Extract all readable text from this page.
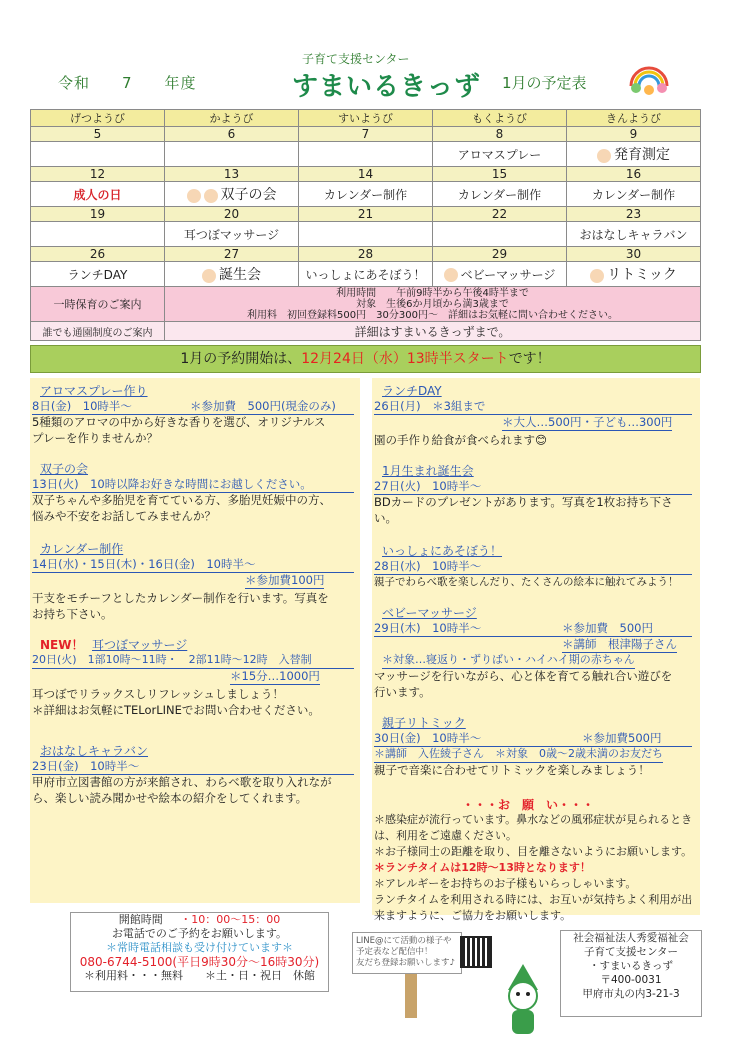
令和　　7　　年度
子育て支援センター
すまいるきっず 1月の予定表
げつようび	かようび	すいようび	もくようび	きんようび
5	6	7	8	9
			アロマスプレー	発育測定
12	13	14	15	16
成人の日	双子の会	カレンダー制作	カレンダー制作	カレンダー制作
19	20	21	22	23
	耳つぼマッサージ			おはなしキャラバン
26	27	28	29	30
ランチDAY	誕生会	いっしょにあそぼう！	ベビーマッサージ	リトミック
一時保育のご案内	利用時間　　午前9時半から午後4時半まで
対象　生後6か月頃から満3歳まで
利用料　初回登録料500円　30分300円～　詳細はお気軽に問い合わせください。			

誰でも通園制度のご案内	詳細はすまいるきっずまで。			
1月の予約開始は、12月24日（水）13時半スタートです！
アロマスプレー作り
8日(金)　10時半～	＊参加費　500円(現金のみ)
5種類のアロマの中から好きな香りを選び、オリジナルス
プレーを作りませんか？
双子の会
13日(火)　10時以降お好きな時間にお越しください。
双子ちゃんや多胎児を育てている方、多胎児妊娠中の方、
悩みや不安をお話してみませんか？
カレンダー制作
14日(水)・15日(木)・16日(金)　10時半～
＊参加費100円
干支をモチーフとしたカレンダー制作を行います。写真を
お持ち下さい。
NEW！ 耳つぼマッサージ
20日(火)　1部10時～11時・　2部11時～12時　入替制
＊15分…1000円
耳つぼでリラックスしリフレッシュしましょう！
＊詳細はお気軽にTELorLINEでお問い合わせください。
おはなしキャラバン
23日(金)　10時半～
甲府市立図書館の方が来館され、わらべ歌を取り入れなが
ら、楽しい読み聞かせや絵本の紹介をしてくれます。
ランチDAY
26日(月)　＊3組まで
＊大人…500円・子ども…300円
園の手作り給食が食べられます😊
1月生まれ誕生会
27日(火)　10時半～
BDカードのプレゼントがあります。写真を1枚お持ち下さ
い。
いっしょにあそぼう！
28日(水)　10時半～
親子でわらべ歌を楽しんだり、たくさんの絵本に触れてみよう！
ベビーマッサージ
29日(木)　10時半～	＊参加費　500円
＊講師　根津陽子さん
＊対象…寝返り・ずりばい・ハイハイ期の赤ちゃん
マッサージを行いながら、心と体を育てる触れ合い遊びを
行います。
親子リトミック
30日(金)　10時半～	＊参加費500円
＊講師　入佐綾子さん　＊対象　0歳～2歳未満のお友だち
親子で音楽に合わせてリトミックを楽しみましょう！
・・・お　願　い・・・
＊感染症が流行っています。鼻水などの風邪症状が見られるとき
は、利用をご遠慮ください。
＊お子様同士の距離を取り、目を離さないようにお願いします。
＊ランチタイムは12時～13時となります！
＊アレルギーをお持ちのお子様もいらっしゃいます。
ランチタイムを利用される時には、お互いが気持ちよく利用が出
来ますように、ご協力をお願いします。
開館時間 ・10：00～15：00
お電話でのご予約をお願いします。
＊常時電話相談も受け付けています＊
080-6744-5100(平日9時30分～16時30分)
＊利用料・・・無料　　＊土・日・祝日　休館
LINE@にて活動の様子や
予定表など配信中！
友だち登録お願いします♪
社会福祉法人秀愛福祉会
子育て支援センター
・すまいるきっず
〒400-0031
甲府市丸の内3-21-3
